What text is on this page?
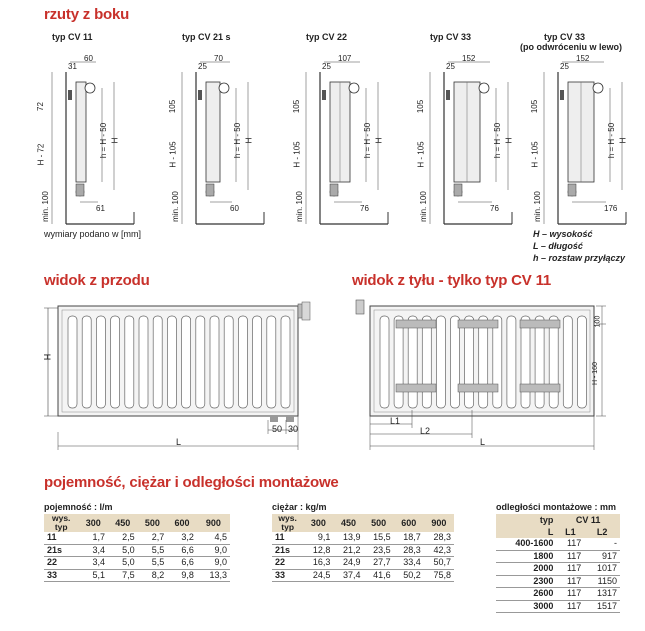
rzuty z boku
typ CV 11
60
31
61
72
H - 72
min. 100
h = H - 50 H
typ CV 21 s
70
25
60
105
H - 105
min. 100
h = H - 50 H
typ CV 22
107
25
76
105
H - 105
min. 100
h = H - 50 H
typ CV 33
152
25
76
105
H - 105
min. 100
h = H - 50 H
typ CV 33
(po odwróceniu w lewo)
152
25
176
105
H - 105
min. 100
h = H - 50 H
wymiary podano w [mm]	H – wysokość
L – długość
h – rozstaw przyłączy
widok z przodu
H
L
50 30
widok z tyłu - tylko typ CV 11
L1
L2
L
100
H - 160
pojemność, ciężar i odległości montażowe
pojemność : l/m
wys.
typ	300	450	500	600	900
11	1,7	2,5	2,7	3,2	4,5
21s	3,4	5,0	5,5	6,6	9,0
22	3,4	5,0	5,5	6,6	9,0
33	5,1	7,5	8,2	9,8	13,3
ciężar : kg/m
wys.
typ	300	450	500	600	900
11	9,1	13,9	15,5	18,7	28,3
21s	12,8	21,2	23,5	28,3	42,3
22	16,3	24,9	27,7	33,4	50,7
33	24,5	37,4	41,6	50,2	75,8
odległości montażowe : mm
typ	CV 11	
L	L1	L2
400-1600	117	-
1800	117	917
2000	117	1017
2300	117	1150
2600	117	1317
3000	117	1517
